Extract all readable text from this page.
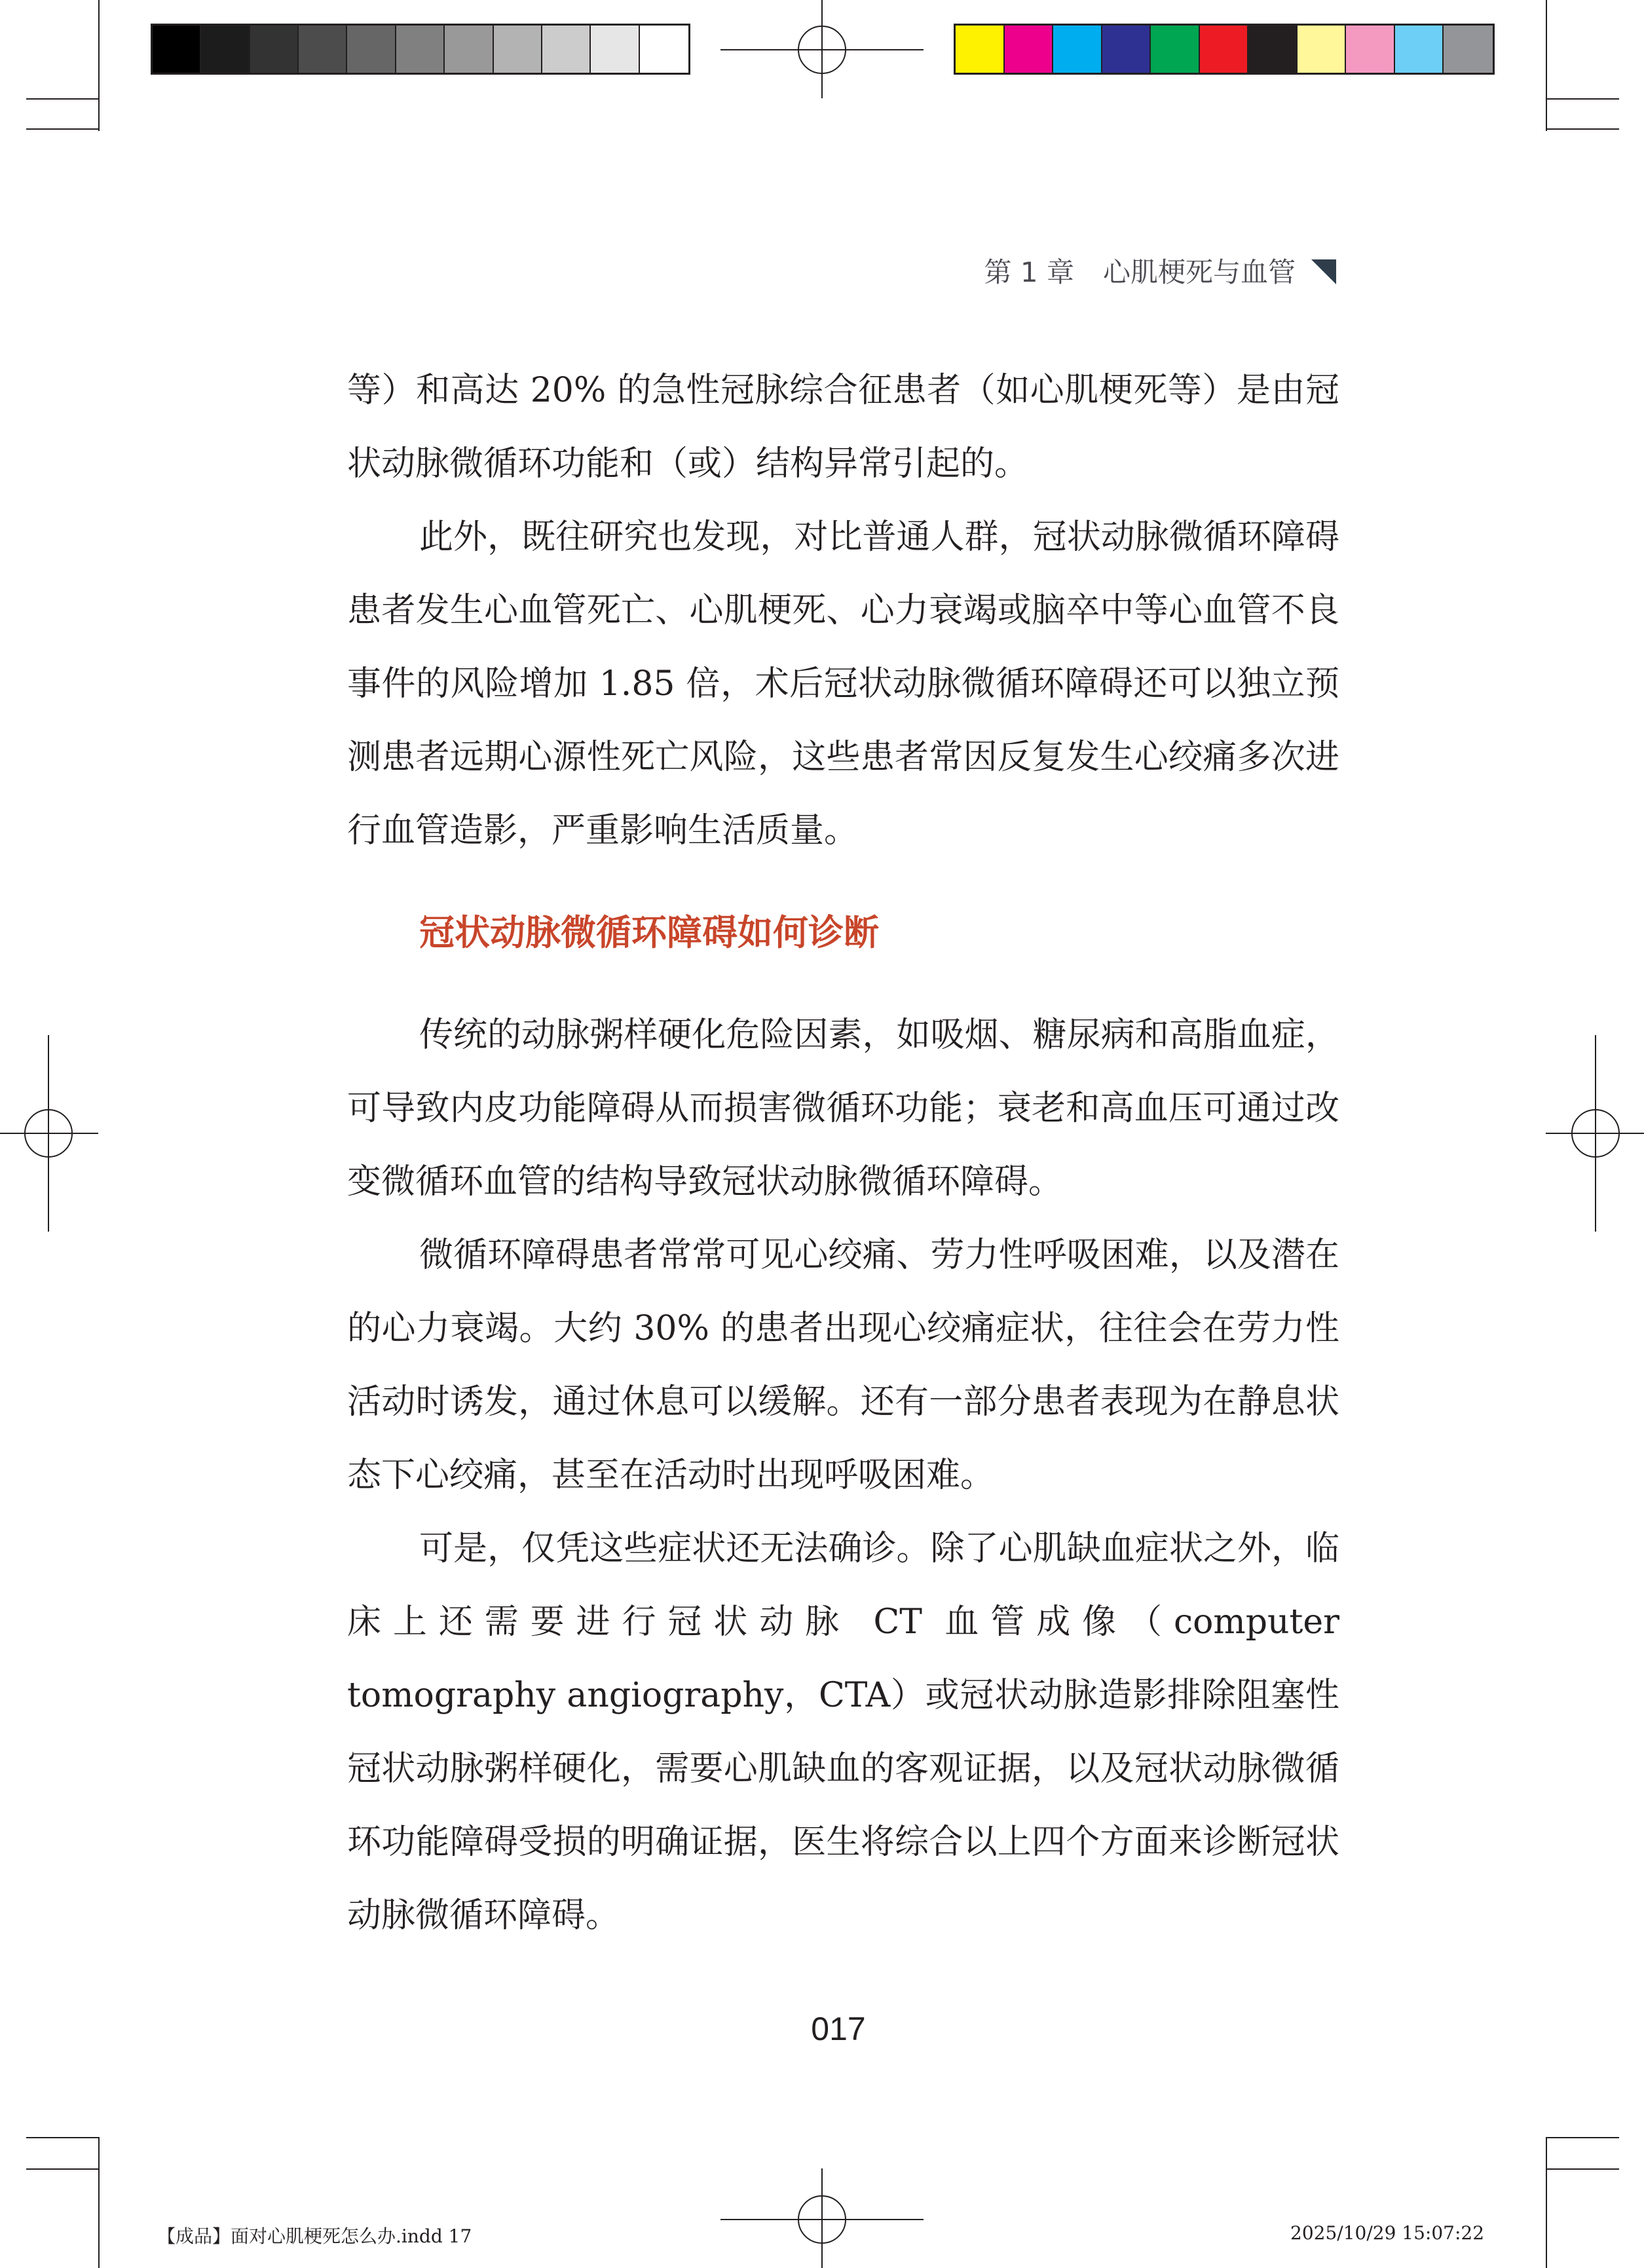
第 1 章 心肌梗死与血管

等）和高达 20% 的急性冠脉综合征患者（如心肌梗死等）是由冠状动脉微循环功能和（或）结构异常引起的。

此外，既往研究也发现，对比普通人群，冠状动脉微循环障碍患者发生心血管死亡、心肌梗死、心力衰竭或脑卒中等心血管不良事件的风险增加 1.85 倍，术后冠状动脉微循环障碍还可以独立预测患者远期心源性死亡风险，这些患者常因反复发生心绞痛多次进行血管造影，严重影响生活质量。

冠状动脉微循环障碍如何诊断

传统的动脉粥样硬化危险因素，如吸烟、糖尿病和高脂血症，可导致内皮功能障碍从而损害微循环功能；衰老和高血压可通过改变微循环血管的结构导致冠状动脉微循环障碍。

微循环障碍患者常常可见心绞痛、劳力性呼吸困难，以及潜在的心力衰竭。大约 30% 的患者出现心绞痛症状，往往会在劳力性活动时诱发，通过休息可以缓解。还有一部分患者表现为在静息状态下心绞痛，甚至在活动时出现呼吸困难。

可是，仅凭这些症状还无法确诊。除了心肌缺血症状之外，临床上还需要进行冠状动脉 CT 血管成像（computer tomography angiography，CTA）或冠状动脉造影排除阻塞性冠状动脉粥样硬化，需要心肌缺血的客观证据，以及冠状动脉微循环功能障碍受损的明确证据，医生将综合以上四个方面来诊断冠状动脉微循环障碍。

017
【成品】面对心肌梗死怎么办.indd 17	2025/10/29 15:07:22
